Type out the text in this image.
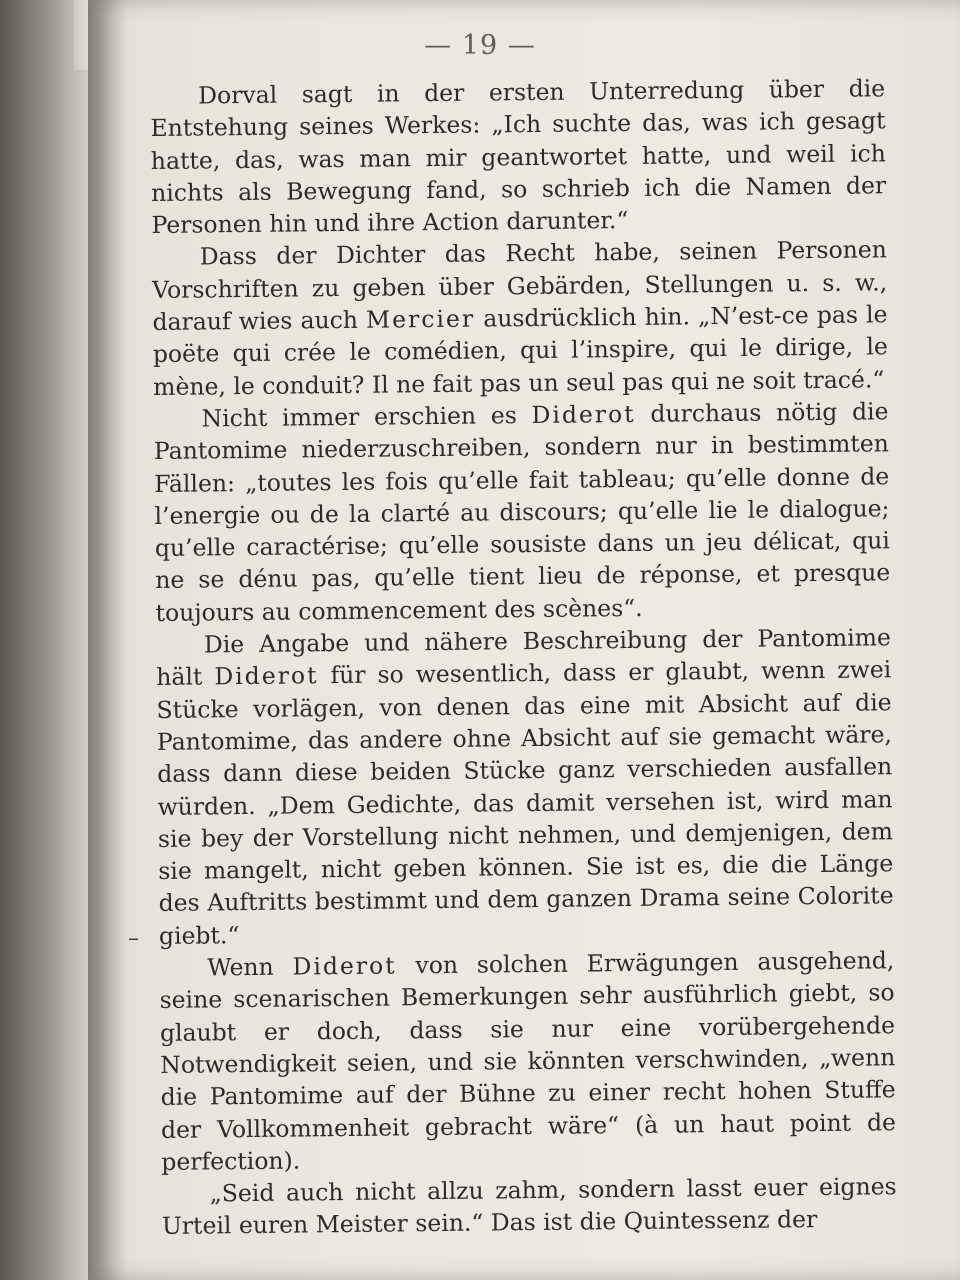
— 19 —

Dorval sagt in der ersten Unterredung über die Entstehung seines Werkes: „Ich suchte das, was ich gesagt hatte, das, was man mir geantwortet hatte, und weil ich nichts als Bewegung fand, so schrieb ich die Namen der Personen hin und ihre Action darunter.“

Dass der Dichter das Recht habe, seinen Personen Vorschriften zu geben über Gebärden, Stellungen u. s. w., darauf wies auch Mercier ausdrücklich hin. „N’est-ce pas le poëte qui crée le comédien, qui l’inspire, qui le dirige, le mène, le conduit? Il ne fait pas un seul pas qui ne soit tracé.“

Nicht immer erschien es Diderot durchaus nötig die Pantomime niederzuschreiben, sondern nur in bestimmten Fällen: „toutes les fois qu’elle fait tableau; qu’elle donne de l’energie ou de la clarté au discours; qu’elle lie le dialogue; qu’elle caractérise; qu’elle sousiste dans un jeu délicat, qui ne se dénu pas, qu’elle tient lieu de réponse, et presque toujours au commencement des scènes“.

Die Angabe und nähere Beschreibung der Pantomime hält Diderot für so wesentlich, dass er glaubt, wenn zwei Stücke vorlägen, von denen das eine mit Absicht auf die Pantomime, das andere ohne Absicht auf sie gemacht wäre, dass dann diese beiden Stücke ganz verschieden ausfallen würden. „Dem Gedichte, das damit versehen ist, wird man sie bey der Vorstellung nicht nehmen, und demjenigen, dem sie mangelt, nicht geben können. Sie ist es, die die Länge des Auftritts bestimmt und dem ganzen Drama seine Colorite giebt.“

Wenn Diderot von solchen Erwägungen ausgehend, seine scenarischen Bemerkungen sehr ausführlich giebt, so glaubt er doch, dass sie nur eine vorübergehende Notwendigkeit seien, und sie könnten verschwinden, „wenn die Pantomime auf der Bühne zu einer recht hohen Stuffe der Vollkommenheit gebracht wäre“ (à un haut point de perfection).

„Seid auch nicht allzu zahm, sondern lasst euer eignes Urteil euren Meister sein.“ Das ist die Quintessenz der

–
